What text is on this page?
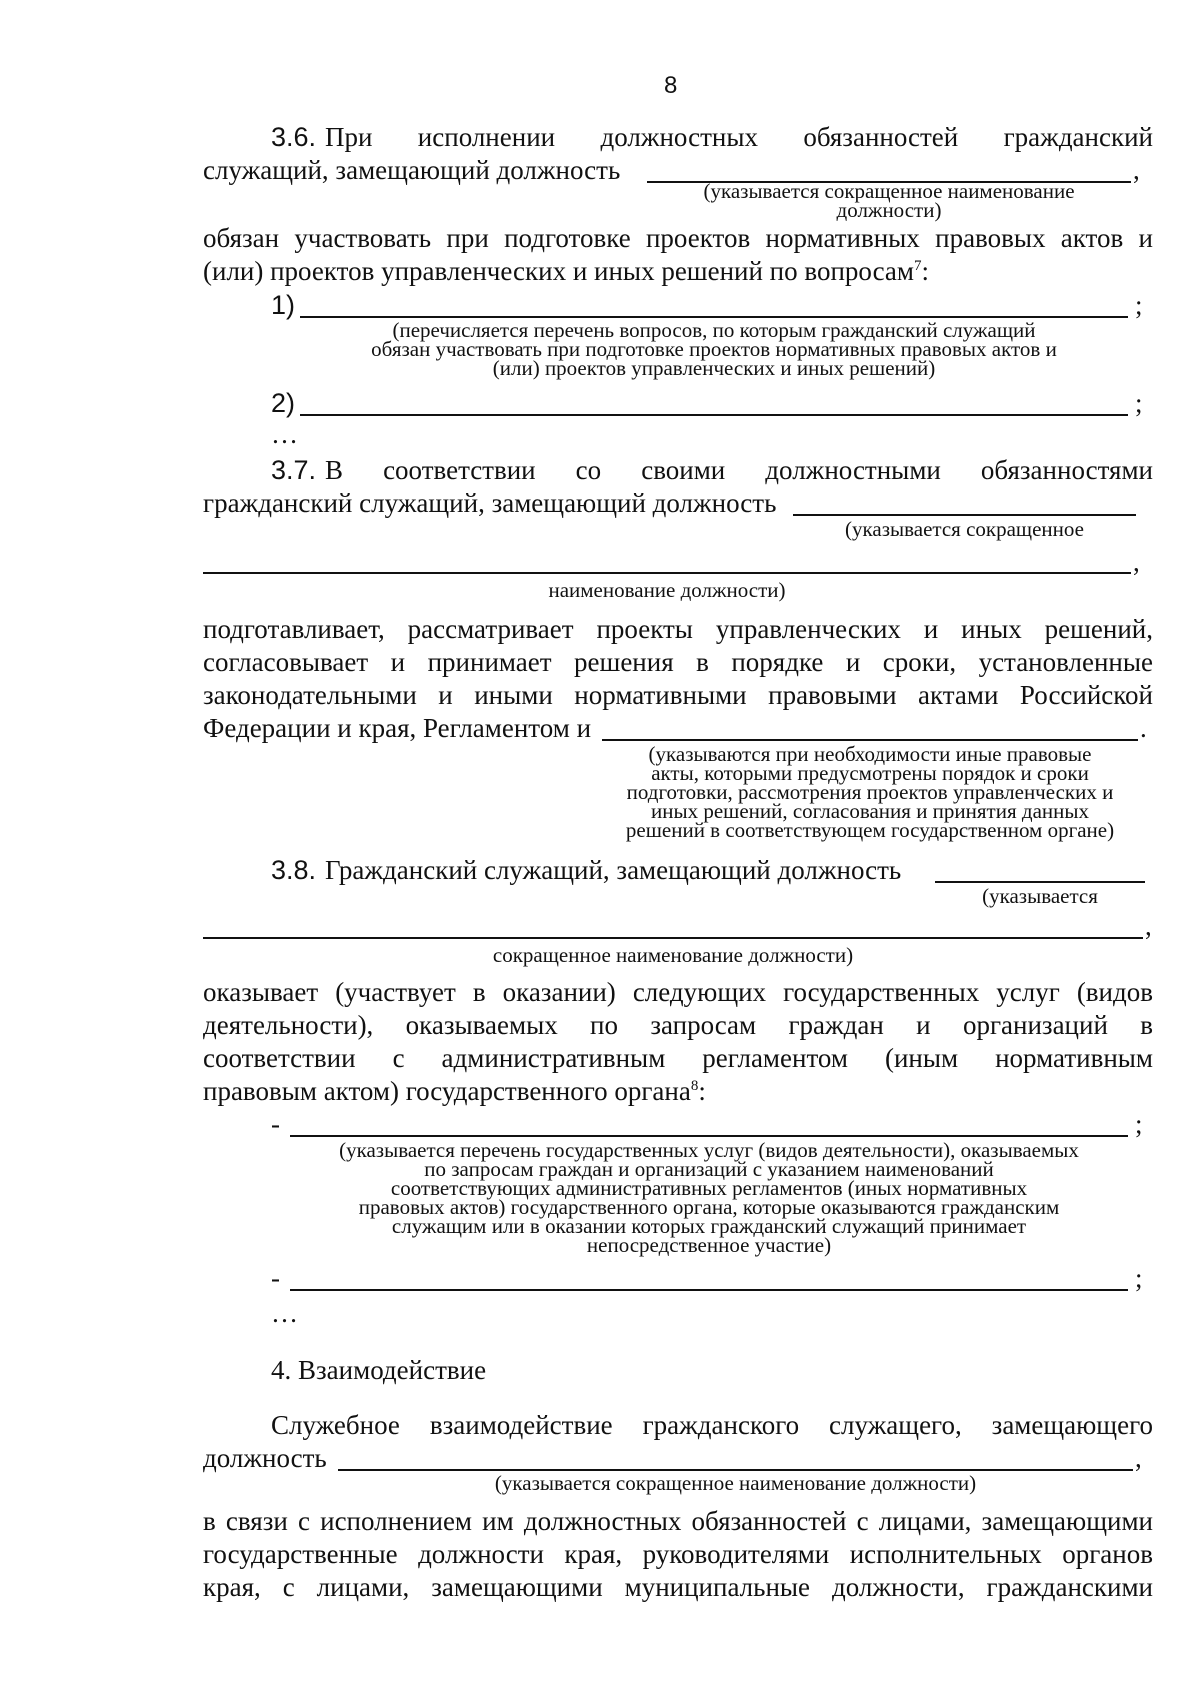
8
3.6. При исполнении должностных обязанностей гражданский
служащий, замещающий должность	,
(указывается сокращенное наименование
должности)
обязан участвовать при подготовке проектов нормативных правовых актов и
(или) проектов управленческих и иных решений по вопросам$^7$:
1)	;
(перечисляется перечень вопросов, по которым гражданский служащий
обязан участвовать при подготовке проектов нормативных правовых актов и
(или) проектов управленческих и иных решений)
2)	;
…
3.7. В соответствии со своими должностными обязанностями
гражданский служащий, замещающий должность
(указывается сокращенное
,
наименование должности)
подготавливает, рассматривает проекты управленческих и иных решений,
согласовывает и принимает решения в порядке и сроки, установленные
законодательными и иными нормативными правовыми актами Российской
Федерации и края, Регламентом и	.
(указываются при необходимости иные правовые
акты, которыми предусмотрены порядок и сроки
подготовки, рассмотрения проектов управленческих и
иных решений, согласования и принятия данных
решений в соответствующем государственном органе)
3.8. Гражданский служащий, замещающий должность
(указывается
,
сокращенное наименование должности)
оказывает (участвует в оказании) следующих государственных услуг (видов
деятельности), оказываемых по запросам граждан и организаций в
соответствии с административным регламентом (иным нормативным
правовым актом) государственного органа$^8$:
-	;
(указывается перечень государственных услуг (видов деятельности), оказываемых
по запросам граждан и организаций с указанием наименований
соответствующих административных регламентов (иных нормативных
правовых актов) государственного органа, которые оказываются гражданским
служащим или в оказании которых гражданский служащий принимает
непосредственное участие)
-	;
…
4. Взаимодействие
Служебное взаимодействие гражданского служащего, замещающего
должность	,
(указывается сокращенное наименование должности)
в связи с исполнением им должностных обязанностей с лицами, замещающими
государственные должности края, руководителями исполнительных органов
края, с лицами, замещающими муниципальные должности, гражданскими
